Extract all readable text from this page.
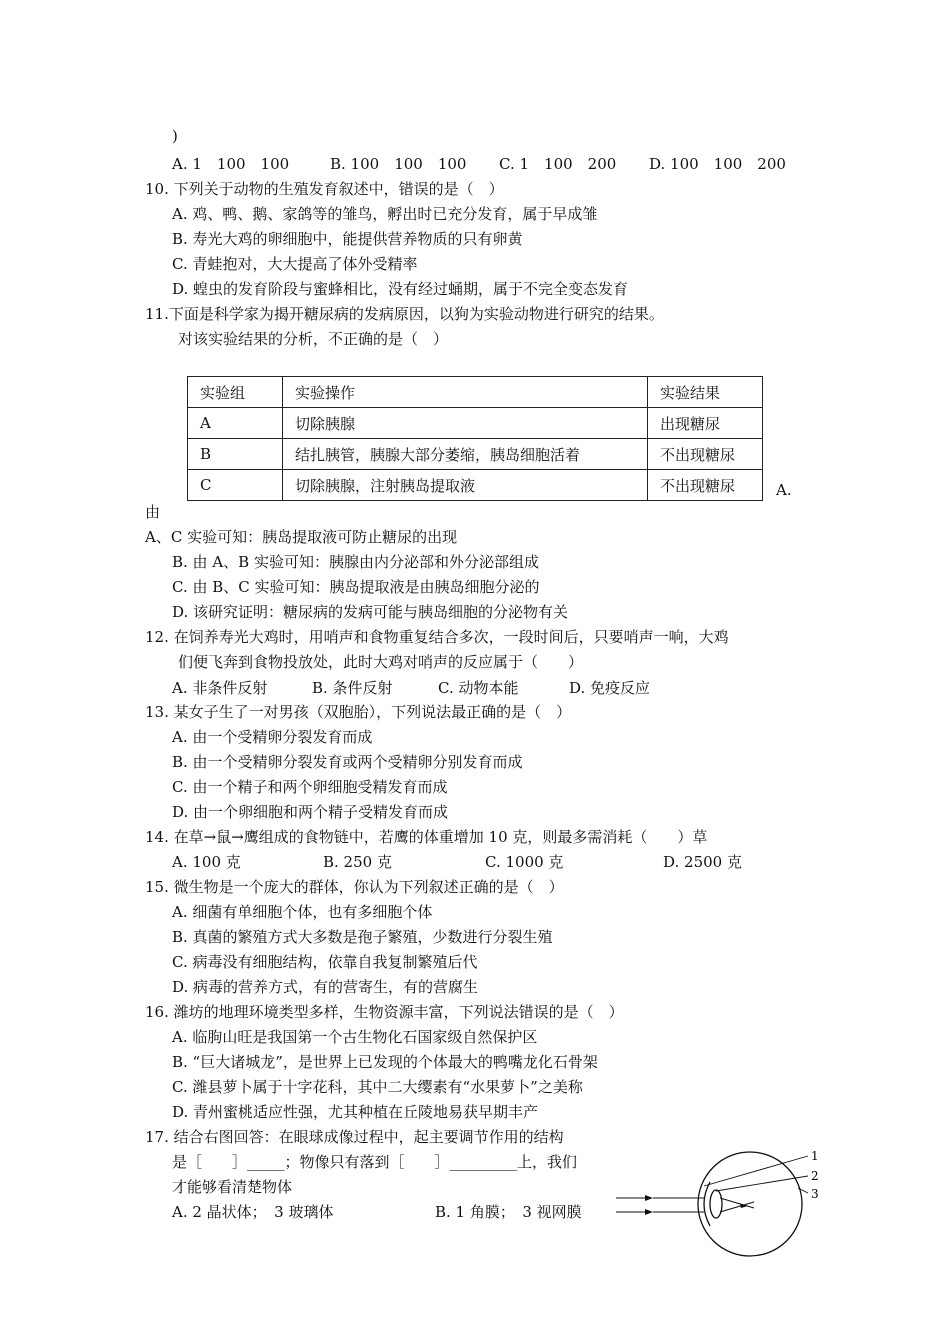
)
A. 1　100　100	B. 100　100　100 C. 1　100　200 D. 100　100　200
10. 下列关于动物的生殖发育叙述中，错误的是（　）
A. 鸡、鸭、鹅、家鸽等的雏鸟，孵出时已充分发育，属于早成雏
B. 寿光大鸡的卵细胞中，能提供营养物质的只有卵黄
C. 青蛙抱对，大大提高了体外受精率
D. 蝗虫的发育阶段与蜜蜂相比，没有经过蛹期，属于不完全变态发育
11.下面是科学家为揭开糖尿病的发病原因，以狗为实验动物进行研究的结果。
对该实验结果的分析，不正确的是（　）
实验组	实验操作	实验结果
A	切除胰腺	出现糖尿
B	结扎胰管，胰腺大部分萎缩，胰岛细胞活着	不出现糖尿
C	切除胰腺，注射胰岛提取液	不出现糖尿	A.
由
A、C 实验可知：胰岛提取液可防止糖尿的出现
B. 由 A、B 实验可知：胰腺由内分泌部和外分泌部组成
C. 由 B、C 实验可知：胰岛提取液是由胰岛细胞分泌的
D. 该研究证明：糖尿病的发病可能与胰岛细胞的分泌物有关
12. 在饲养寿光大鸡时，用哨声和食物重复结合多次，一段时间后，只要哨声一响，大鸡
们便飞奔到食物投放处，此时大鸡对哨声的反应属于（　　）
A. 非条件反射	B. 条件反射	C. 动物本能	D. 免疫反应
13. 某女子生了一对男孩（双胞胎），下列说法最正确的是（　）
A. 由一个受精卵分裂发育而成
B. 由一个受精卵分裂发育或两个受精卵分别发育而成
C. 由一个精子和两个卵细胞受精发育而成
D. 由一个卵细胞和两个精子受精发育而成
14. 在草→鼠→鹰组成的食物链中，若鹰的体重增加 10 克，则最多需消耗（　　）草
A. 100 克	B. 250 克	C. 1000 克	D. 2500 克
15. 微生物是一个庞大的群体，你认为下列叙述正确的是（　）
A. 细菌有单细胞个体，也有多细胞个体
B. 真菌的繁殖方式大多数是孢子繁殖，少数进行分裂生殖
C. 病毒没有细胞结构，依靠自我复制繁殖后代
D. 病毒的营养方式，有的营寄生，有的营腐生
16. 潍坊的地理环境类型多样，生物资源丰富，下列说法错误的是（　）
A. 临朐山旺是我国第一个古生物化石国家级自然保护区
B. “巨大诸城龙”，是世界上已发现的个体最大的鸭嘴龙化石骨架
C. 潍县萝卜属于十字花科，其中二大缨素有“水果萝卜”之美称
D. 青州蜜桃适应性强，尤其种植在丘陵地易获早期丰产
17. 结合右图回答：在眼球成像过程中，起主要调节作用的结构
是［　　］_____；物像只有落到［　　］_________上，我们
才能够看清楚物体
A. 2 晶状体；　3 玻璃体	B. 1 角膜；　3 视网膜
1
2
3
